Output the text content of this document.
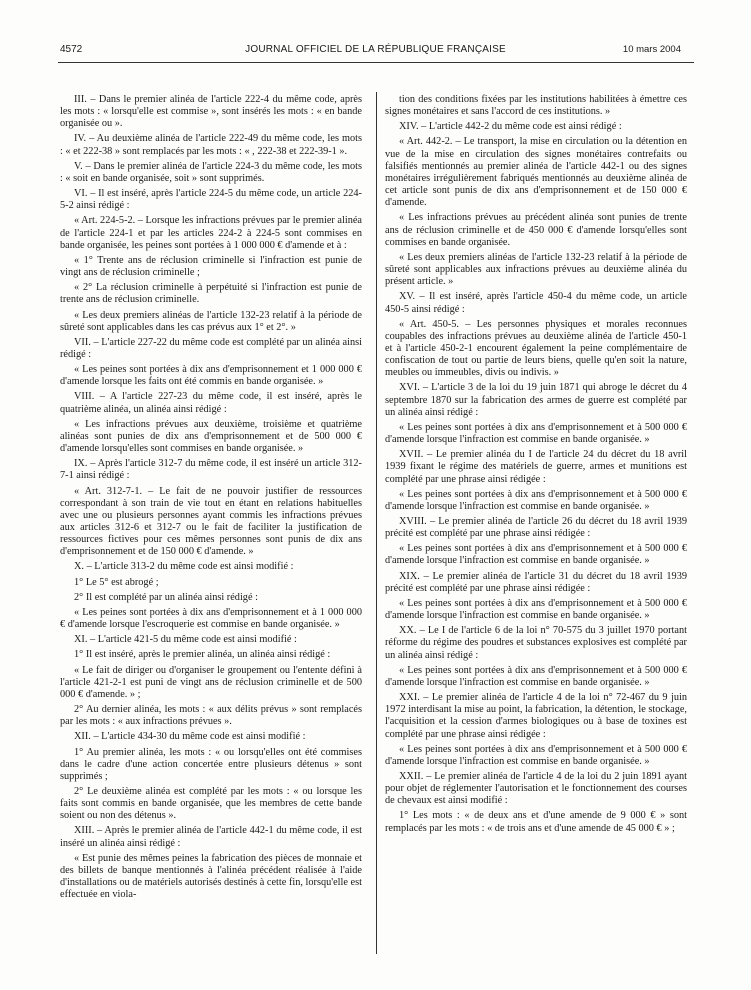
4572	JOURNAL OFFICIEL DE LA RÉPUBLIQUE FRANÇAISE	10 mars 2004

III. – Dans le premier alinéa de l'article 222-4 du même code, après les mots : « lorsqu'elle est commise », sont insérés les mots : « en bande organisée ou ».

IV. – Au deuxième alinéa de l'article 222-49 du même code, les mots : « et 222-38 » sont remplacés par les mots : « , 222-38 et 222-39-1 ».

V. – Dans le premier alinéa de l'article 224-3 du même code, les mots : « soit en bande organisée, soit » sont supprimés.

VI. – Il est inséré, après l'article 224-5 du même code, un article 224-5-2 ainsi rédigé :

« Art. 224-5-2. – Lorsque les infractions prévues par le premier alinéa de l'article 224-1 et par les articles 224-2 à 224-5 sont commises en bande organisée, les peines sont portées à 1 000 000 € d'amende et à :

« 1° Trente ans de réclusion criminelle si l'infraction est punie de vingt ans de réclusion criminelle ;

« 2° La réclusion criminelle à perpétuité si l'infraction est punie de trente ans de réclusion criminelle.

« Les deux premiers alinéas de l'article 132-23 relatif à la période de sûreté sont applicables dans les cas prévus aux 1° et 2°. »

VII. – L'article 227-22 du même code est complété par un alinéa ainsi rédigé :

« Les peines sont portées à dix ans d'emprisonnement et 1 000 000 € d'amende lorsque les faits ont été commis en bande organisée. »

VIII. – A l'article 227-23 du même code, il est inséré, après le quatrième alinéa, un alinéa ainsi rédigé :

« Les infractions prévues aux deuxième, troisième et quatrième alinéas sont punies de dix ans d'emprisonnement et de 500 000 € d'amende lorsqu'elles sont commises en bande organisée. »

IX. – Après l'article 312-7 du même code, il est inséré un article 312-7-1 ainsi rédigé :

« Art. 312-7-1. – Le fait de ne pouvoir justifier de ressources correspondant à son train de vie tout en étant en relations habituelles avec une ou plusieurs personnes ayant commis les infractions prévues aux articles 312-6 et 312-7 ou le fait de faciliter la justification de ressources fictives pour ces mêmes personnes sont punis de dix ans d'emprisonnement et de 150 000 € d'amende. »

X. – L'article 313-2 du même code est ainsi modifié :

1° Le 5° est abrogé ;

2° Il est complété par un alinéa ainsi rédigé :

« Les peines sont portées à dix ans d'emprisonnement et à 1 000 000 € d'amende lorsque l'escroquerie est commise en bande organisée. »

XI. – L'article 421-5 du même code est ainsi modifié :

1° Il est inséré, après le premier alinéa, un alinéa ainsi rédigé :

« Le fait de diriger ou d'organiser le groupement ou l'entente défini à l'article 421-2-1 est puni de vingt ans de réclusion criminelle et de 500 000 € d'amende. » ;

2° Au dernier alinéa, les mots : « aux délits prévus » sont remplacés par les mots : « aux infractions prévues ».

XII. – L'article 434-30 du même code est ainsi modifié :

1° Au premier alinéa, les mots : « ou lorsqu'elles ont été commises dans le cadre d'une action concertée entre plusieurs détenus » sont supprimés ;

2° Le deuxième alinéa est complété par les mots : « ou lorsque les faits sont commis en bande organisée, que les membres de cette bande soient ou non des détenus ».

XIII. – Après le premier alinéa de l'article 442-1 du même code, il est inséré un alinéa ainsi rédigé :

« Est punie des mêmes peines la fabrication des pièces de monnaie et des billets de banque mentionnés à l'alinéa précédent réalisée à l'aide d'installations ou de matériels autorisés destinés à cette fin, lorsqu'elle est effectuée en viola-

tion des conditions fixées par les institutions habilitées à émettre ces signes monétaires et sans l'accord de ces institutions. »

XIV. – L'article 442-2 du même code est ainsi rédigé :

« Art. 442-2. – Le transport, la mise en circulation ou la détention en vue de la mise en circulation des signes monétaires contrefaits ou falsifiés mentionnés au premier alinéa de l'article 442-1 ou des signes monétaires irrégulièrement fabriqués mentionnés au deuxième alinéa de cet article sont punis de dix ans d'emprisonnement et de 150 000 € d'amende.

« Les infractions prévues au précédent alinéa sont punies de trente ans de réclusion criminelle et de 450 000 € d'amende lorsqu'elles sont commises en bande organisée.

« Les deux premiers alinéas de l'article 132-23 relatif à la période de sûreté sont applicables aux infractions prévues au deuxième alinéa du présent article. »

XV. – Il est inséré, après l'article 450-4 du même code, un article 450-5 ainsi rédigé :

« Art. 450-5. – Les personnes physiques et morales reconnues coupables des infractions prévues au deuxième alinéa de l'article 450-1 et à l'article 450-2-1 encourent également la peine complémentaire de confiscation de tout ou partie de leurs biens, quelle qu'en soit la nature, meubles ou immeubles, divis ou indivis. »

XVI. – L'article 3 de la loi du 19 juin 1871 qui abroge le décret du 4 septembre 1870 sur la fabrication des armes de guerre est complété par un alinéa ainsi rédigé :

« Les peines sont portées à dix ans d'emprisonnement et à 500 000 € d'amende lorsque l'infraction est commise en bande organisée. »

XVII. – Le premier alinéa du I de l'article 24 du décret du 18 avril 1939 fixant le régime des matériels de guerre, armes et munitions est complété par une phrase ainsi rédigée :

« Les peines sont portées à dix ans d'emprisonnement et à 500 000 € d'amende lorsque l'infraction est commise en bande organisée. »

XVIII. – Le premier alinéa de l'article 26 du décret du 18 avril 1939 précité est complété par une phrase ainsi rédigée :

« Les peines sont portées à dix ans d'emprisonnement et à 500 000 € d'amende lorsque l'infraction est commise en bande organisée. »

XIX. – Le premier alinéa de l'article 31 du décret du 18 avril 1939 précité est complété par une phrase ainsi rédigée :

« Les peines sont portées à dix ans d'emprisonnement et à 500 000 € d'amende lorsque l'infraction est commise en bande organisée. »

XX. – Le I de l'article 6 de la loi n° 70-575 du 3 juillet 1970 portant réforme du régime des poudres et substances explosives est complété par un alinéa ainsi rédigé :

« Les peines sont portées à dix ans d'emprisonnement et à 500 000 € d'amende lorsque l'infraction est commise en bande organisée. »

XXI. – Le premier alinéa de l'article 4 de la loi n° 72-467 du 9 juin 1972 interdisant la mise au point, la fabrication, la détention, le stockage, l'acquisition et la cession d'armes biologiques ou à base de toxines est complété par une phrase ainsi rédigée :

« Les peines sont portées à dix ans d'emprisonnement et à 500 000 € d'amende lorsque l'infraction est commise en bande organisée. »

XXII. – Le premier alinéa de l'article 4 de la loi du 2 juin 1891 ayant pour objet de réglementer l'autorisation et le fonctionnement des courses de chevaux est ainsi modifié :

1° Les mots : « de deux ans et d'une amende de 9 000 € » sont remplacés par les mots : « de trois ans et d'une amende de 45 000 € » ;
